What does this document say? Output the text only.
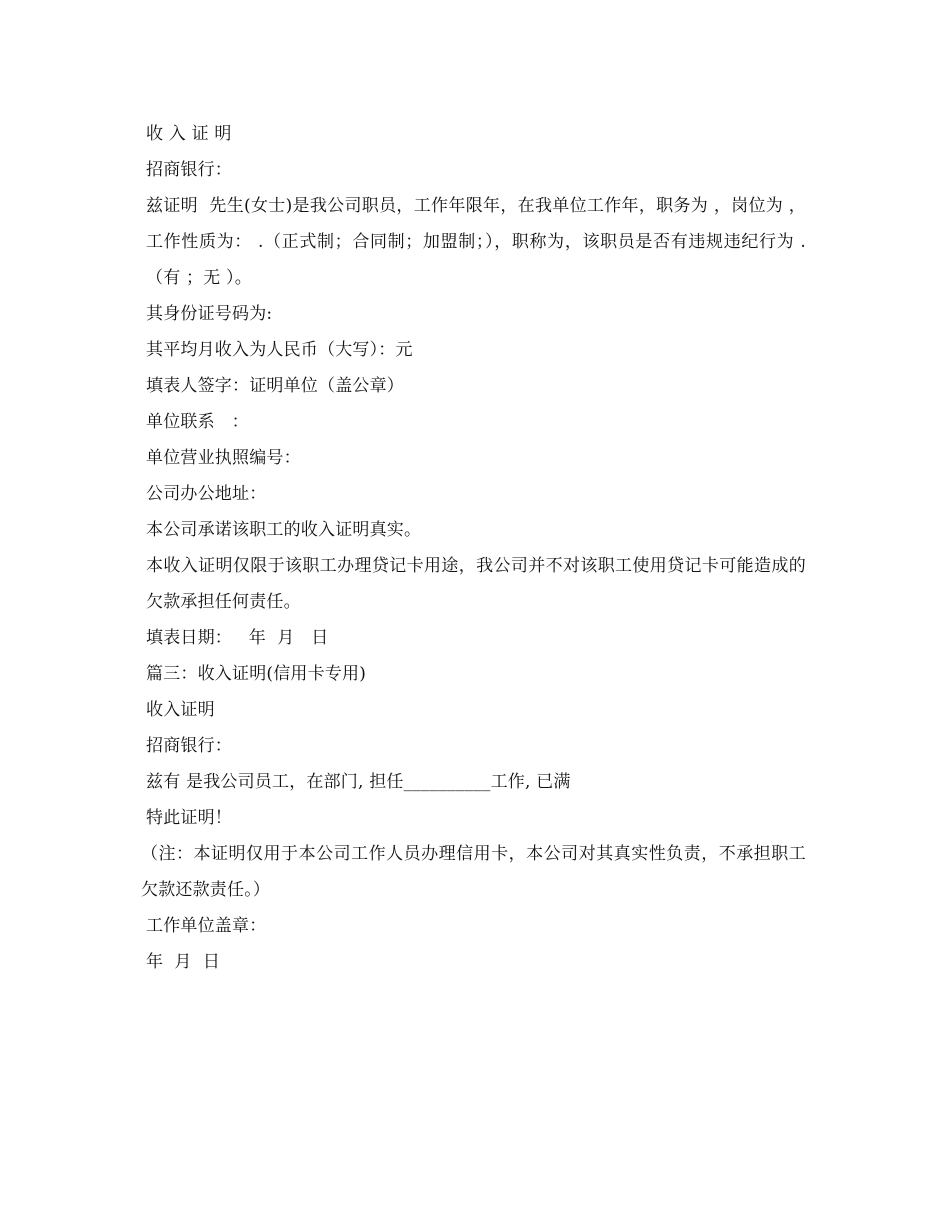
收 入 证 明

招商银行：

兹证明  先生(女士)是我公司职员，工作年限年，在我单位工作年，职务为 ，岗位为 ，工作性质为： .（正式制；合同制；加盟制；），职称为，该职员是否有违规违纪行为 .（有 ；无 ）。

其身份证号码为:

其平均月收入为人民币（大写）：元

填表人签字：证明单位（盖公章）

单位联系   ：

单位营业执照编号：

公司办公地址：

本公司承诺该职工的收入证明真实。

本收入证明仅限于该职工办理贷记卡用途，我公司并不对该职工使用贷记卡可能造成的欠款承担任何责任。

填表日期：   年  月   日

篇三：收入证明(信用卡专用)

收入证明

招商银行：

兹有 是我公司员工，在部门, 担任__________工作, 已满

特此证明！

（注：本证明仅用于本公司工作人员办理信用卡，本公司对其真实性负责，不承担职工欠款还款责任。）

工作单位盖章：

年  月  日
